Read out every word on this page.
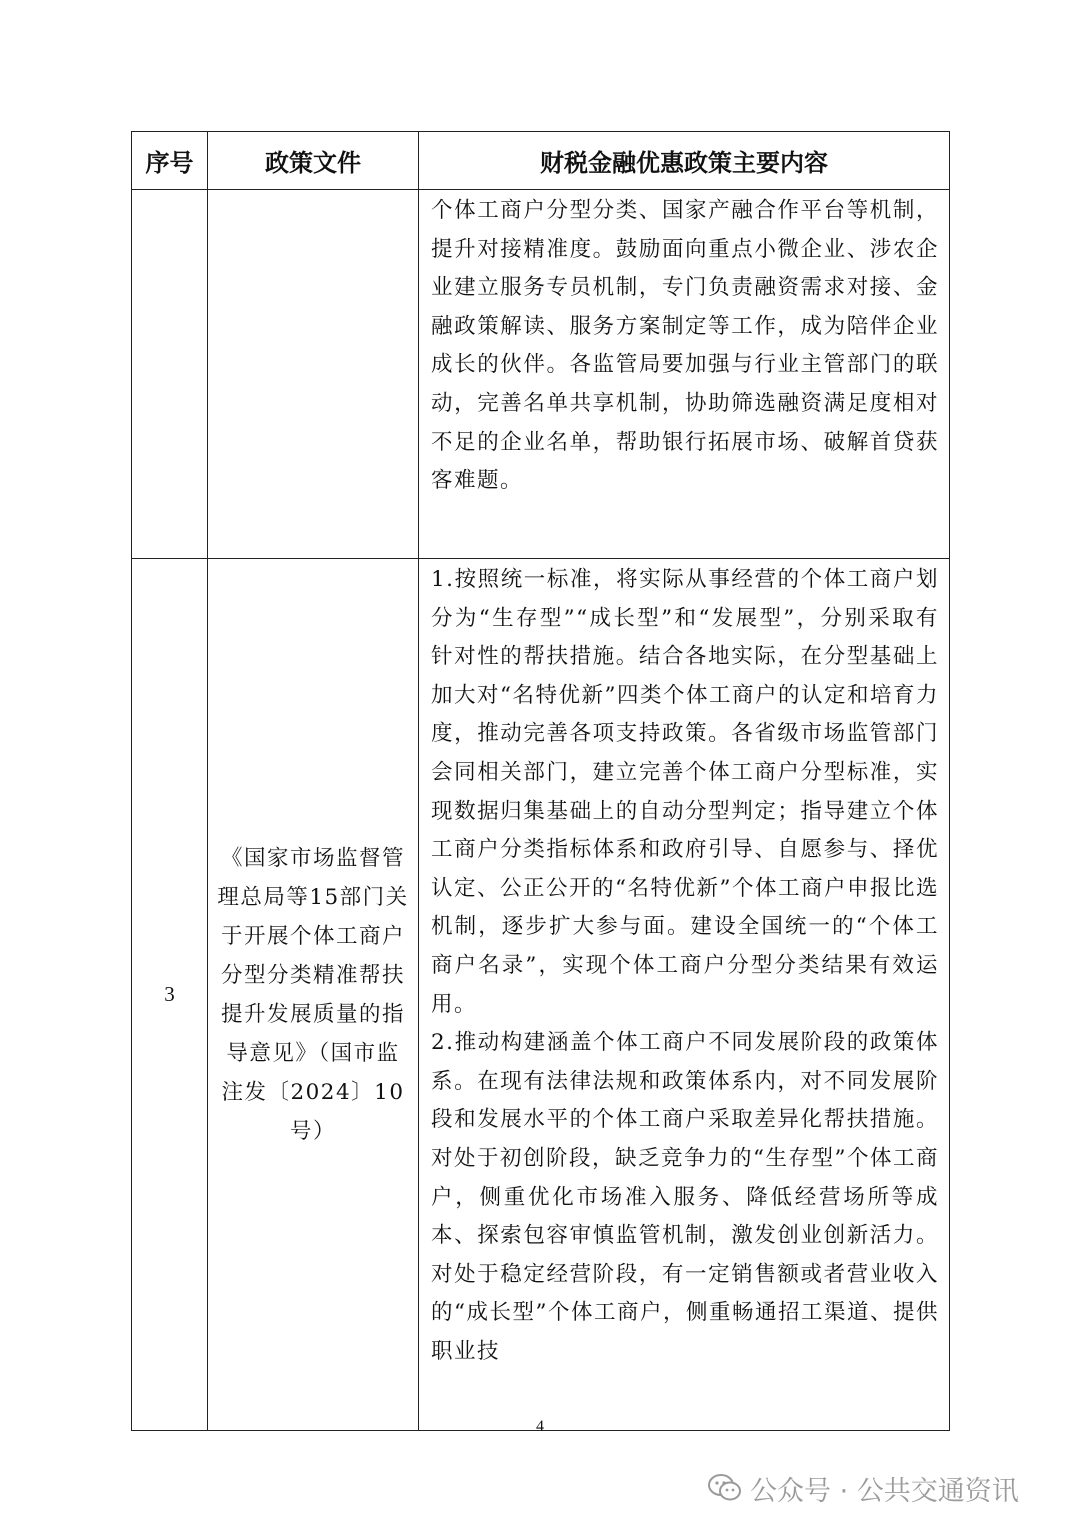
序号	政策文件	财税金融优惠政策主要内容

		个体工商户分型分类、国家产融合作平台等机制，提升对接精准度。鼓励面向重点小微企业、涉农企业建立服务专员机制，专门负责融资需求对接、金融政策解读、服务方案制定等工作，成为陪伴企业成长的伙伴。各监管局要加强与行业主管部门的联动，完善名单共享机制，协助筛选融资满足度相对不足的企业名单，帮助银行拓展市场、破解首贷获客难题。

3	《国家市场监督管理总局等15部门关于开展个体工商户分型分类精准帮扶提升发展质量的指导意见》（国市监注发〔2024〕10号）	1.按照统一标准，将实际从事经营的个体工商户划分为“生存型”“成长型”和“发展型”，分别采取有针对性的帮扶措施。结合各地实际，在分型基础上加大对“名特优新”四类个体工商户的认定和培育力度，推动完善各项支持政策。各省级市场监管部门会同相关部门，建立完善个体工商户分型标准，实现数据归集基础上的自动分型判定；指导建立个体工商户分类指标体系和政府引导、自愿参与、择优认定、公正公开的“名特优新”个体工商户申报比选机制，逐步扩大参与面。建设全国统一的“个体工商户名录”，实现个体工商户分型分类结果有效运用。

2.推动构建涵盖个体工商户不同发展阶段的政策体系。在现有法律法规和政策体系内，对不同发展阶段和发展水平的个体工商户采取差异化帮扶措施。对处于初创阶段，缺乏竞争力的“生存型”个体工商户，侧重优化市场准入服务、降低经营场所等成本、探索包容审慎监管机制，激发创业创新活力。对处于稳定经营阶段，有一定销售额或者营业收入的“成长型”个体工商户，侧重畅通招工渠道、提供职业技

4
公众号 · 公共交通资讯
